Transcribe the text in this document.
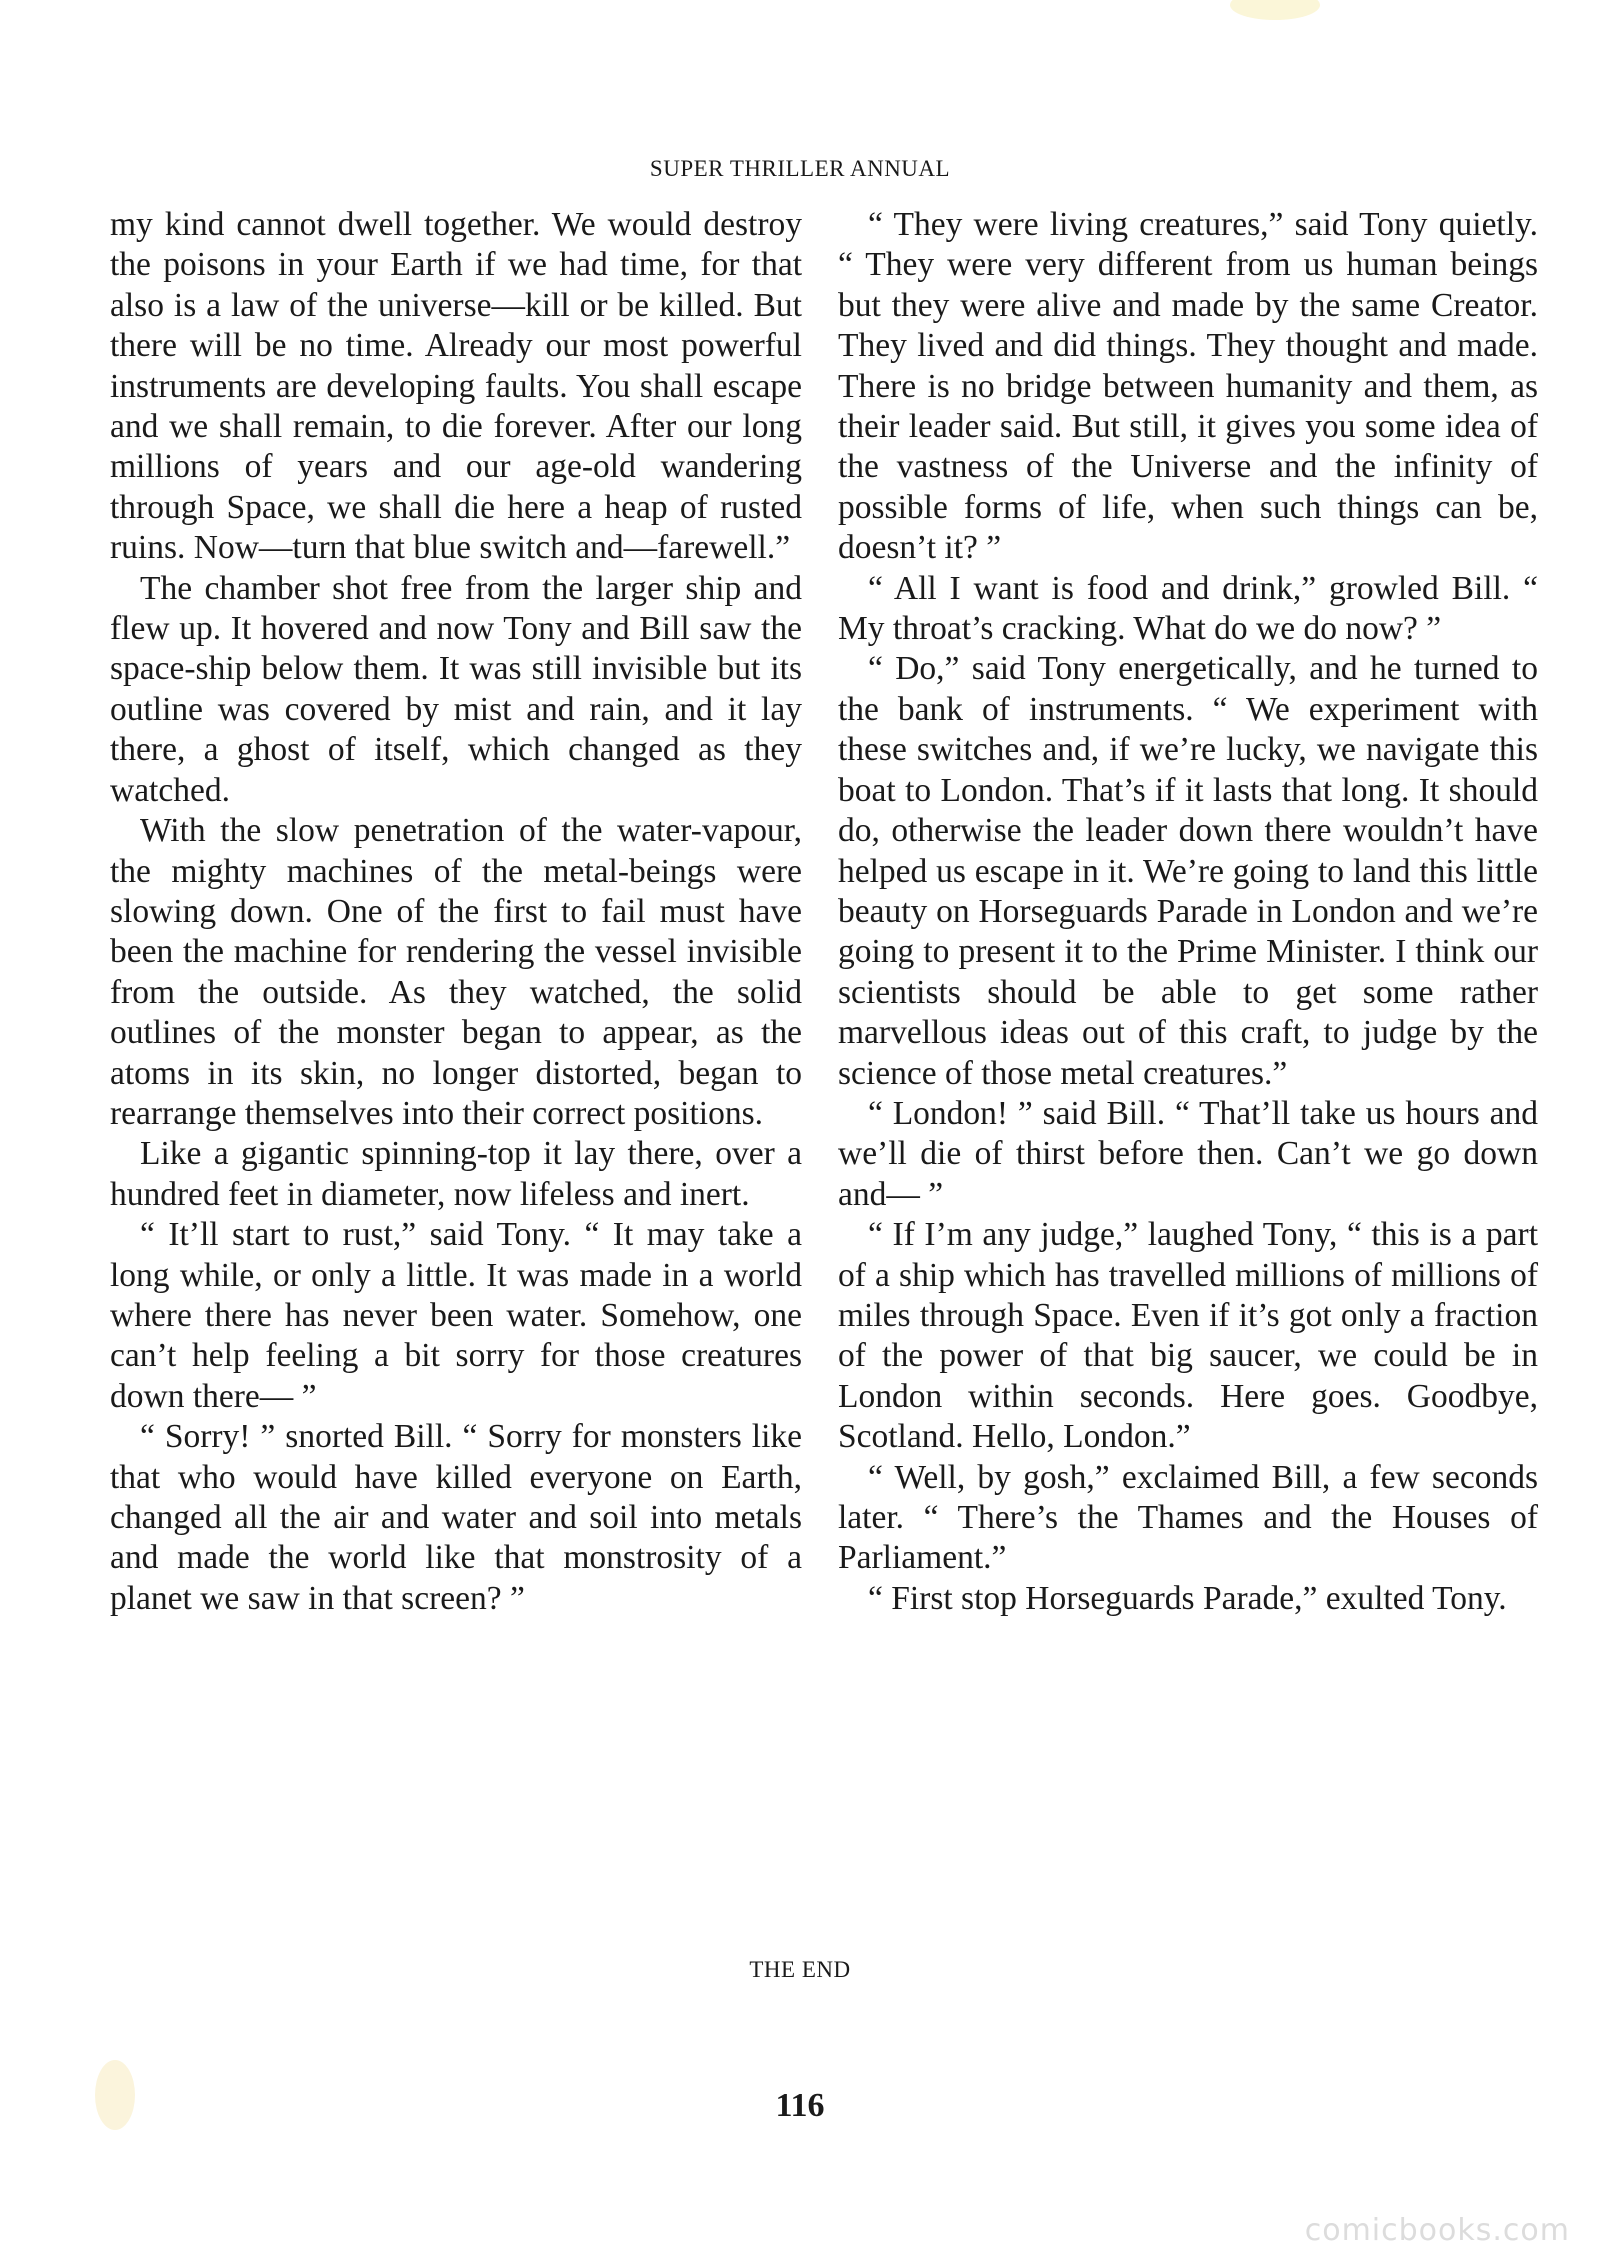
SUPER THRILLER ANNUAL

my kind cannot dwell together. We would destroy the poisons in your Earth if we had time, for that also is a law of the universe—kill or be killed. But there will be no time. Already our most powerful instruments are developing faults. You shall escape and we shall remain, to die forever. After our long millions of years and our age-old wandering through Space, we shall die here a heap of rusted ruins. Now—turn that blue switch and—farewell.”

The chamber shot free from the larger ship and flew up. It hovered and now Tony and Bill saw the space-ship below them. It was still invisible but its outline was covered by mist and rain, and it lay there, a ghost of itself, which changed as they watched.

With the slow penetration of the water-vapour, the mighty machines of the metal-beings were slowing down. One of the first to fail must have been the machine for rendering the vessel invisible from the outside. As they watched, the solid outlines of the monster began to appear, as the atoms in its skin, no longer distorted, began to rearrange themselves into their correct positions.

Like a gigantic spinning-top it lay there, over a hundred feet in diameter, now lifeless and inert.

“ It’ll start to rust,” said Tony. “ It may take a long while, or only a little. It was made in a world where there has never been water. Somehow, one can’t help feeling a bit sorry for those creatures down there— ”

“ Sorry! ” snorted Bill. “ Sorry for monsters like that who would have killed everyone on Earth, changed all the air and water and soil into metals and made the world like that monstrosity of a planet we saw in that screen? ”

“ They were living creatures,” said Tony quietly. “ They were very different from us human beings but they were alive and made by the same Creator. They lived and did things. They thought and made. There is no bridge between humanity and them, as their leader said. But still, it gives you some idea of the vastness of the Universe and the infinity of possible forms of life, when such things can be, doesn’t it? ”

“ All I want is food and drink,” growled Bill. “ My throat’s cracking. What do we do now? ”

“ Do,” said Tony energetically, and he turned to the bank of instruments. “ We experiment with these switches and, if we’re lucky, we navigate this boat to London. That’s if it lasts that long. It should do, otherwise the leader down there wouldn’t have helped us escape in it. We’re going to land this little beauty on Horseguards Parade in London and we’re going to present it to the Prime Minister. I think our scientists should be able to get some rather marvellous ideas out of this craft, to judge by the science of those metal creatures.”

“ London! ” said Bill. “ That’ll take us hours and we’ll die of thirst before then. Can’t we go down and— ”

“ If I’m any judge,” laughed Tony, “ this is a part of a ship which has travelled millions of millions of miles through Space. Even if it’s got only a fraction of the power of that big saucer, we could be in London within seconds. Here goes. Goodbye, Scotland. Hello, London.”

“ Well, by gosh,” exclaimed Bill, a few seconds later. “ There’s the Thames and the Houses of Parliament.”

“ First stop Horseguards Parade,” exulted Tony.

THE END
116
comicbooks.com
